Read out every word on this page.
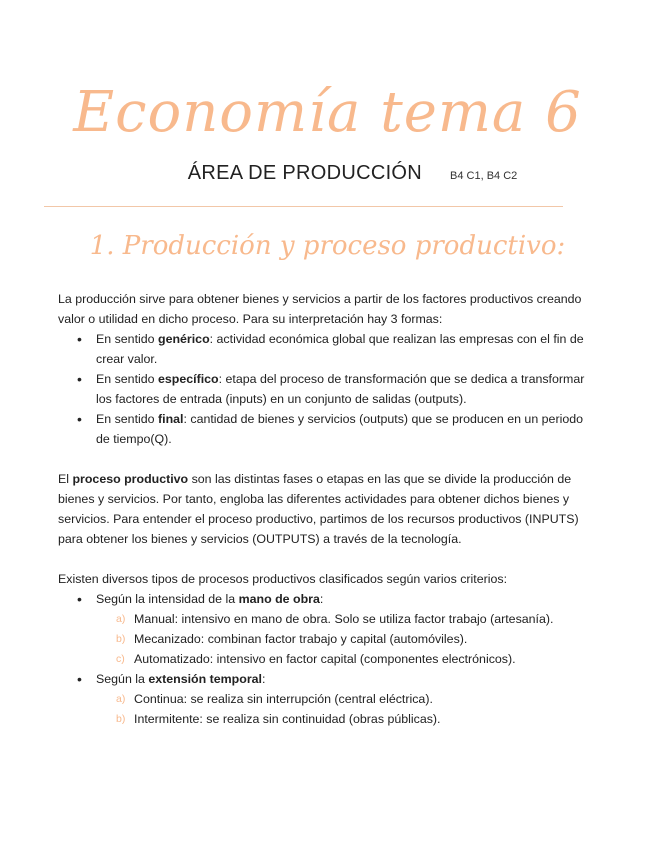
Economía tema 6
ÁREA DE PRODUCCIÓN	B4 C1, B4 C2
1. Producción y proceso productivo:

La producción sirve para obtener bienes y servicios a partir de los factores productivos creando valor o utilidad en dicho proceso. Para su interpretación hay 3 formas:

• En sentido genérico: actividad económica global que realizan las empresas con el fin de crear valor.
• En sentido específico: etapa del proceso de transformación que se dedica a transformar los factores de entrada (inputs) en un conjunto de salidas (outputs).
• En sentido final: cantidad de bienes y servicios (outputs) que se producen en un periodo de tiempo(Q).

El proceso productivo son las distintas fases o etapas en las que se divide la producción de bienes y servicios. Por tanto, engloba las diferentes actividades para obtener dichos bienes y servicios. Para entender el proceso productivo, partimos de los recursos productivos (INPUTS) para obtener los bienes y servicios (OUTPUTS) a través de la tecnología.

Existen diversos tipos de procesos productivos clasificados según varios criterios:

• Según la intensidad de la mano de obra:
a) Manual: intensivo en mano de obra. Solo se utiliza factor trabajo (artesanía).
b) Mecanizado: combinan factor trabajo y capital (automóviles).
c) Automatizado: intensivo en factor capital (componentes electrónicos).
• Según la extensión temporal:
a) Continua: se realiza sin interrupción (central eléctrica).
b) Intermitente: se realiza sin continuidad (obras públicas).
